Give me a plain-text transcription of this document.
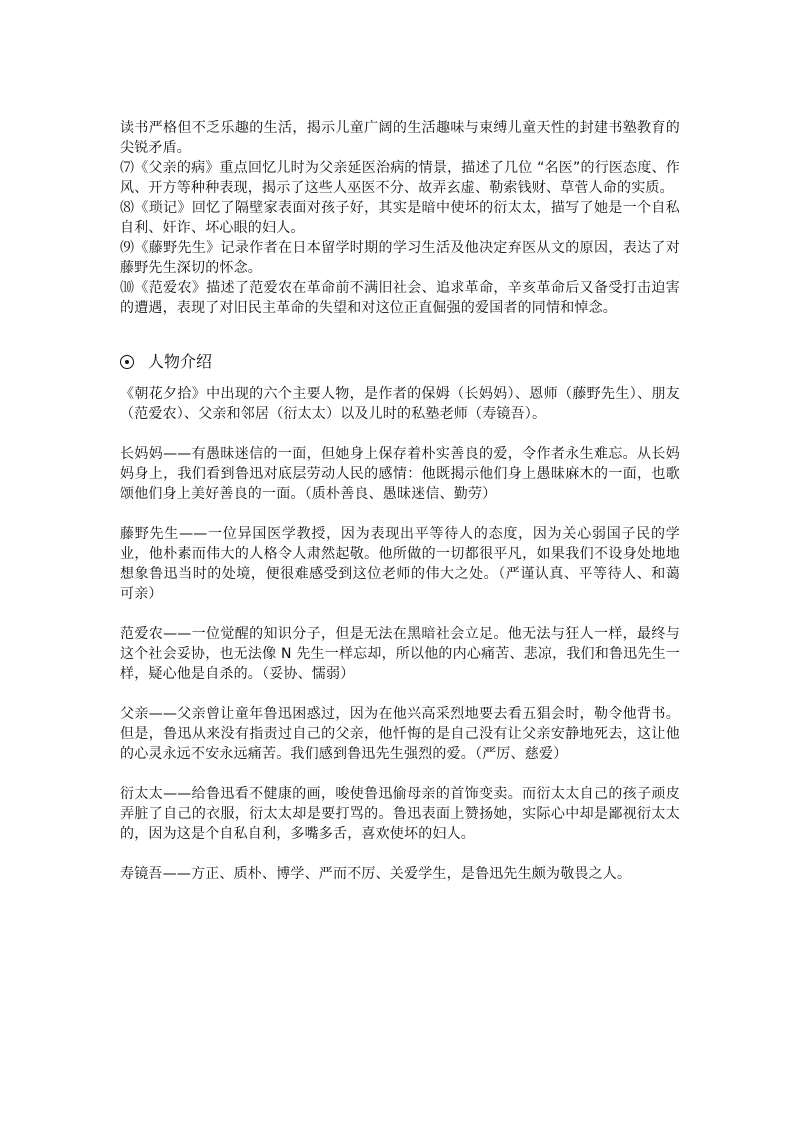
读书严格但不乏乐趣的生活，揭示儿童广阔的生活趣味与束缚儿童天性的封建书塾教育的尖锐矛盾。

⑺《父亲的病》重点回忆儿时为父亲延医治病的情景，描述了几位 “名医”的行医态度、作风、开方等种种表现，揭示了这些人巫医不分、故弄玄虚、勒索钱财、草菅人命的实质。

⑻《琐记》回忆了隔壁家表面对孩子好，其实是暗中使坏的衍太太，描写了她是一个自私自利、奸诈、坏心眼的妇人。

⑼《藤野先生》记录作者在日本留学时期的学习生活及他决定弃医从文的原因，表达了对藤野先生深切的怀念。

⑽《范爱农》描述了范爱农在革命前不满旧社会、追求革命，辛亥革命后又备受打击迫害的遭遇，表现了对旧民主革命的失望和对这位正直倔强的爱国者的同情和悼念。

人物介绍

《朝花夕拾》中出现的六个主要人物，是作者的保姆（长妈妈）、恩师（藤野先生）、朋友（范爱农）、父亲和邻居（衍太太）以及儿时的私塾老师（寿镜吾）。

长妈妈——有愚昧迷信的一面，但她身上保存着朴实善良的爱，令作者永生难忘。从长妈妈身上，我们看到鲁迅对底层劳动人民的感情：他既揭示他们身上愚昧麻木的一面，也歌颂他们身上美好善良的一面。（质朴善良、愚昧迷信、勤劳）

藤野先生——一位异国医学教授，因为表现出平等待人的态度，因为关心弱国子民的学业，他朴素而伟大的人格令人肃然起敬。他所做的一切都很平凡，如果我们不设身处地地想象鲁迅当时的处境，便很难感受到这位老师的伟大之处。（严谨认真、平等待人、和蔼可亲）

范爱农——一位觉醒的知识分子，但是无法在黑暗社会立足。他无法与狂人一样，最终与这个社会妥协，也无法像 N 先生一样忘却，所以他的内心痛苦、悲凉，我们和鲁迅先生一样，疑心他是自杀的。（妥协、懦弱）

父亲——父亲曾让童年鲁迅困惑过，因为在他兴高采烈地要去看五猖会时，勒令他背书。但是，鲁迅从来没有指责过自己的父亲，他忏悔的是自己没有让父亲安静地死去，这让他的心灵永远不安永远痛苦。我们感到鲁迅先生强烈的爱。（严厉、慈爱）

衍太太——给鲁迅看不健康的画，唆使鲁迅偷母亲的首饰变卖。而衍太太自己的孩子顽皮弄脏了自己的衣服，衍太太却是要打骂的。鲁迅表面上赞扬她，实际心中却是鄙视衍太太的，因为这是个自私自利，多嘴多舌，喜欢使坏的妇人。

寿镜吾——方正、质朴、博学、严而不厉、关爱学生，是鲁迅先生颇为敬畏之人。
